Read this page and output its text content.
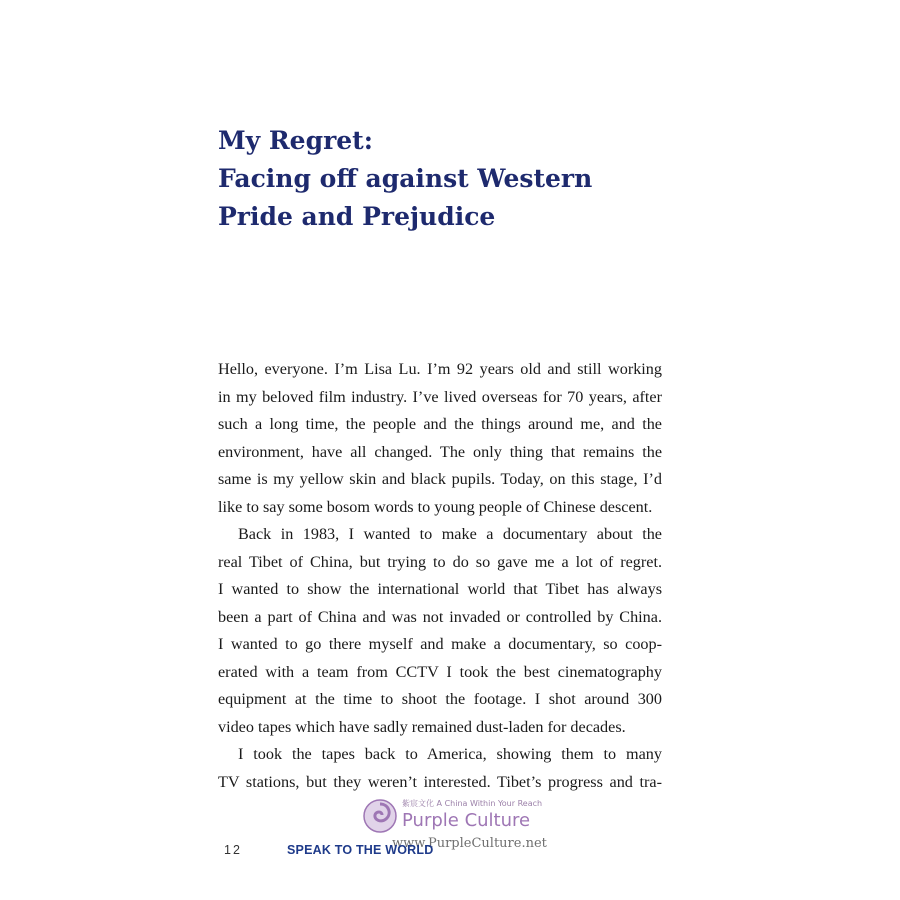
My Regret:
Facing off against Western
Pride and Prejudice
Hello, everyone. I’m Lisa Lu. I’m 92 years old and still working
in my beloved film industry. I’ve lived overseas for 70 years, after
such a long time, the people and the things around me, and the
environment, have all changed. The only thing that remains the
same is my yellow skin and black pupils. Today, on this stage, I’d
like to say some bosom words to young people of Chinese descent.
Back in 1983, I wanted to make a documentary about the
real Tibet of China, but trying to do so gave me a lot of regret.
I wanted to show the international world that Tibet has always
been a part of China and was not invaded or controlled by China.
I wanted to go there myself and make a documentary, so coop-
erated with a team from CCTV I took the best cinematography
equipment at the time to shoot the footage. I shot around 300
video tapes which have sadly remained dust-laden for decades.
I took the tapes back to America, showing them to many
TV stations, but they weren’t interested. Tibet’s progress and tra-
紫宸文化 A China Within Your Reach
Purple Culture
www.PurpleCulture.net
12	SPEAK TO THE WORLD
